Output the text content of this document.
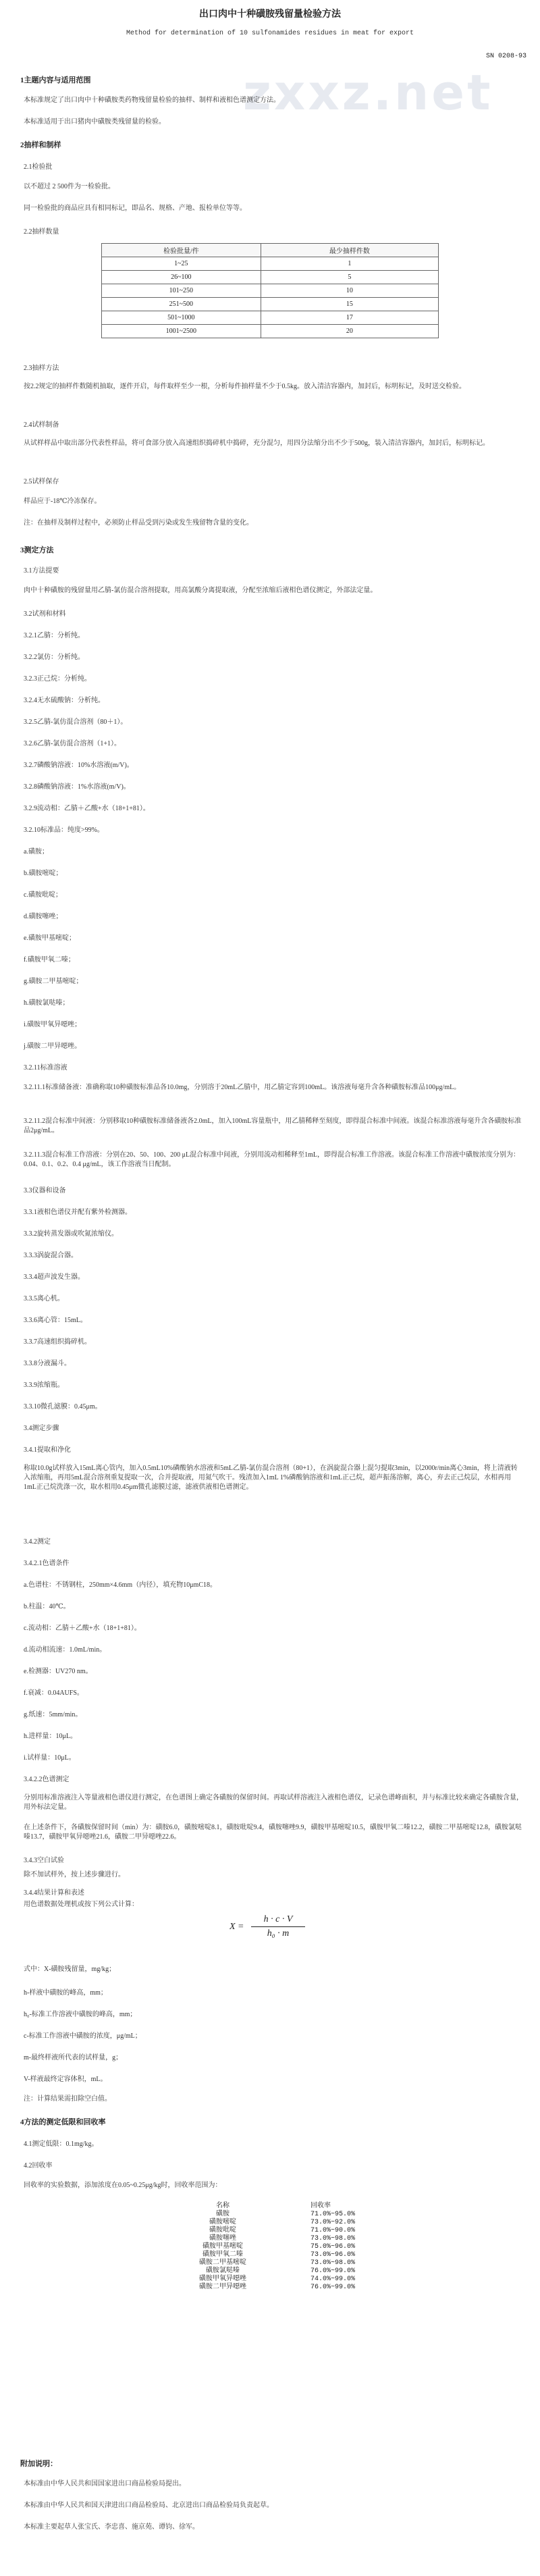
zxxz.net
出口肉中十种磺胺残留量检验方法
Method for determination of 10 sulfonamides residues in meat for export
SN 0208-93
1主题内容与适用范围
本标准规定了出口肉中十种磺胺类药物残留量检验的抽样、制样和液相色谱测定方法。
本标准适用于出口猪肉中磺胺类残留量的检验。
2抽样和制样
2.1检验批
以不超过 2 500件为一检验批。
同一检验批的商品应具有相同标记，即品名、规格、产地、报检单位等等。
2.2抽样数量
检验批量/件	最少抽样件数
1~25	1
26~100	5
101~250	10
251~500	15
501~1000	17
1001~2500	20
2.3抽样方法
按2.2规定的抽样件数随机抽取，逐件开启，每件取样至少一根，分析每件抽样量不少于0.5kg。放入清洁容器内，加封后，标明标记，及时送交检验。
2.4试样制备
从试样样品中取出部分代表性样品，将可食部分放入高速组织捣碎机中捣碎，充分混匀，用四分法缩分出不少于500g，装入清洁容器内，加封后，标明标记。
2.5试样保存
样品应于-18℃冷冻保存。
注：在抽样及制样过程中，必须防止样品受到污染或发生残留物含量的变化。
3测定方法
3.1方法提要
肉中十种磺胺的残留量用乙腈-氯仿混合溶剂提取，用高氯酸分离提取液，分配至浓缩后液相色谱仪测定，外部法定量。
3.2试剂和材料
3.2.1乙腈：分析纯。
3.2.2氯仿：分析纯。
3.2.3正己烷：分析纯。
3.2.4无水硫酸钠：分析纯。
3.2.5乙腈-氯仿混合溶剂（80＋1）。
3.2.6乙腈-氯仿混合溶剂（1+1）。
3.2.7磷酸钠溶液：10%水溶液(m/V)。
3.2.8磷酸钠溶液：1%水溶液(m/V)。
3.2.9流动相：乙腈＋乙酸+水（18+1+81）。
3.2.10标准品：纯度>99%。
a.磺胺；
b.磺胺嘧啶；
c.磺胺吡啶；
d.磺胺噻唑；
e.磺胺甲基嘧啶；
f.磺胺甲氧二嗪；
g.磺胺二甲基嘧啶；
h.磺胺氯哒嗪；
i.磺胺甲氧异噁唑；
j.磺胺二甲异噁唑。
3.2.11标准溶液
3.2.11.1标准储备液：准确称取10种磺胺标准品各10.0mg，分别溶于20mL乙腈中，用乙腈定容到100mL。该溶液每毫升含各种磺胺标准品100μg/mL。
3.2.11.2混合标准中间液：分别移取10种磺胺标准储备液各2.0mL，加入100mL容量瓶中，用乙腈稀释至刻度，即得混合标准中间液。该混合标准溶液每毫升含各磺胺标准品2μg/mL。
3.2.11.3混合标准工作溶液：分别在20、50、100、200 μL混合标准中间液，分别用流动相稀释至1mL，即得混合标准工作溶液。该混合标准工作溶液中磺胺浓度分别为：0.04、0.1、0.2、0.4 μg/mL，该工作溶液当日配制。
3.3仪器和设备
3.3.1液相色谱仪并配有紫外检测器。
3.3.2旋转蒸发器或吹氮浓缩仪。
3.3.3涡旋混合器。
3.3.4超声波发生器。
3.3.5离心机。
3.3.6离心管：15mL。
3.3.7高速组织捣碎机。
3.3.8分液漏斗。
3.3.9浓缩瓶。
3.3.10微孔滤膜：0.45μm。
3.4测定步骤
3.4.1提取和净化
称取10.0g试样放入15mL离心管内，加入0.5mL10%磷酸钠水溶液和5mL乙腈-氯仿混合溶剂（80+1），在涡旋混合器上混匀提取3min，以2000r/min离心3min，将上清液转入浓缩瓶，再用5mL混合溶剂重复提取一次，合并提取液，用氮气吹干。残渣加入1mL 1%磷酸钠溶液和1mL正己烷，超声振荡溶解，离心，弃去正己烷层，水相再用1mL正己烷洗涤一次，取水相用0.45μm微孔滤膜过滤，滤液供液相色谱测定。
3.4.2测定
3.4.2.1色谱条件
a.色谱柱：不锈钢柱，250mm×4.6mm（内径），填充物10μmC18。
b.柱温：40℃。
c.流动相：乙腈＋乙酸+水（18+1+81）。
d.流动相流速：1.0mL/min。
e.检测器：UV270 nm。
f.衰减：0.04AUFS。
g.纸速：5mm/min。
h.进样量：10μL。
i.试样量：10μL。
3.4.2.2色谱测定
分别用标准溶液注入等量液相色谱仪进行测定，在色谱图上确定各磺胺的保留时间。再取试样溶液注入液相色谱仪，记录色谱峰面积，并与标准比较来确定各磺胺含量，用外标法定量。
在上述条件下，各磺胺保留时间（min）为：磺胺6.0，磺胺嘧啶8.1，磺胺吡啶9.4，磺胺噻唑9.9，磺胺甲基嘧啶10.5，磺胺甲氧二嗪12.2，磺胺二甲基嘧啶12.8，磺胺氯哒嗪13.7，磺胺甲氧异噁唑21.6，磺胺二甲异噁唑22.6。
3.4.3空白试验
除不加试样外，按上述步骤进行。
3.4.4结果计算和表述
用色谱数据处理机或按下列公式计算：
X =
h · c · V
h₀ · m
式中：X-磺胺残留量，mg/kg；
h-样液中磺胺的峰高，mm；
h₀-标准工作溶液中磺胺的峰高，mm；
c-标准工作溶液中磺胺的浓度，μg/mL；
m-最终样液所代表的试样量，g；
V-样液最终定容体积，mL。
注：计算结果需扣除空白值。
4方法的测定低限和回收率
4.1测定低限：0.1mg/kg。
4.2回收率
回收率的实验数据，添加浓度在0.05~0.25μg/kg时，回收率范围为：
名称	回收率
磺胺	71.0%~95.0%
磺胺嘧啶	73.0%~92.0%
磺胺吡啶	71.0%~90.0%
磺胺噻唑	73.0%~98.0%
磺胺甲基嘧啶	75.0%~96.0%
磺胺甲氧二嗪	73.0%~96.0%
磺胺二甲基嘧啶	73.0%~98.0%
磺胺氯哒嗪	76.0%~99.0%
磺胺甲氧异噁唑	74.0%~99.0%
磺胺二甲异噁唑	76.0%~99.0%
附加说明：
本标准由中华人民共和国国家进出口商品检验局提出。
本标准由中华人民共和国天津进出口商品检验局、北京进出口商品检验局负责起草。
本标准主要起草人张宝氏、李忠喜、施京苑、谭钧、徐军。
